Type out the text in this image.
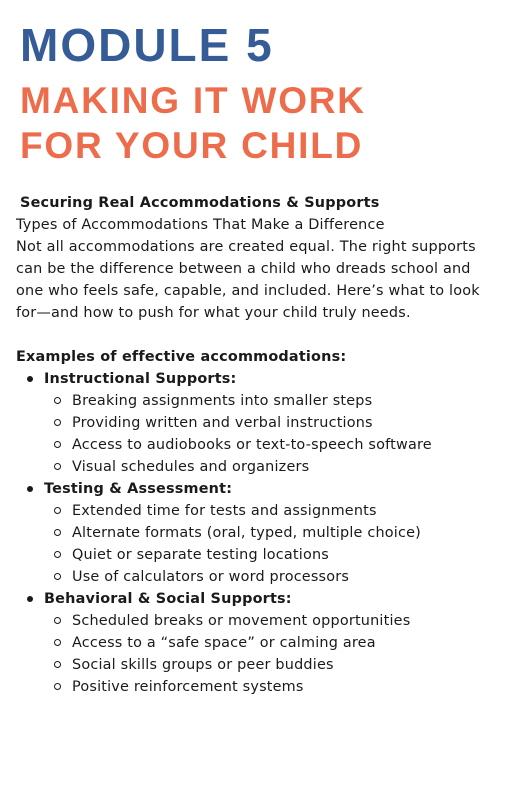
MODULE 5
MAKING IT WORK
FOR YOUR CHILD

Securing Real Accommodations & Supports

Types of Accommodations That Make a Difference

Not all accommodations are created equal. The right supports can be the difference between a child who dreads school and one who feels safe, capable, and included. Here’s what to look for—and how to push for what your child truly needs.

Examples of effective accommodations:

Instructional Supports:
Breaking assignments into smaller steps
Providing written and verbal instructions
Access to audiobooks or text-to-speech software
Visual schedules and organizers
Testing & Assessment:
Extended time for tests and assignments
Alternate formats (oral, typed, multiple choice)
Quiet or separate testing locations
Use of calculators or word processors
Behavioral & Social Supports:
Scheduled breaks or movement opportunities
Access to a “safe space” or calming area
Social skills groups or peer buddies
Positive reinforcement systems
